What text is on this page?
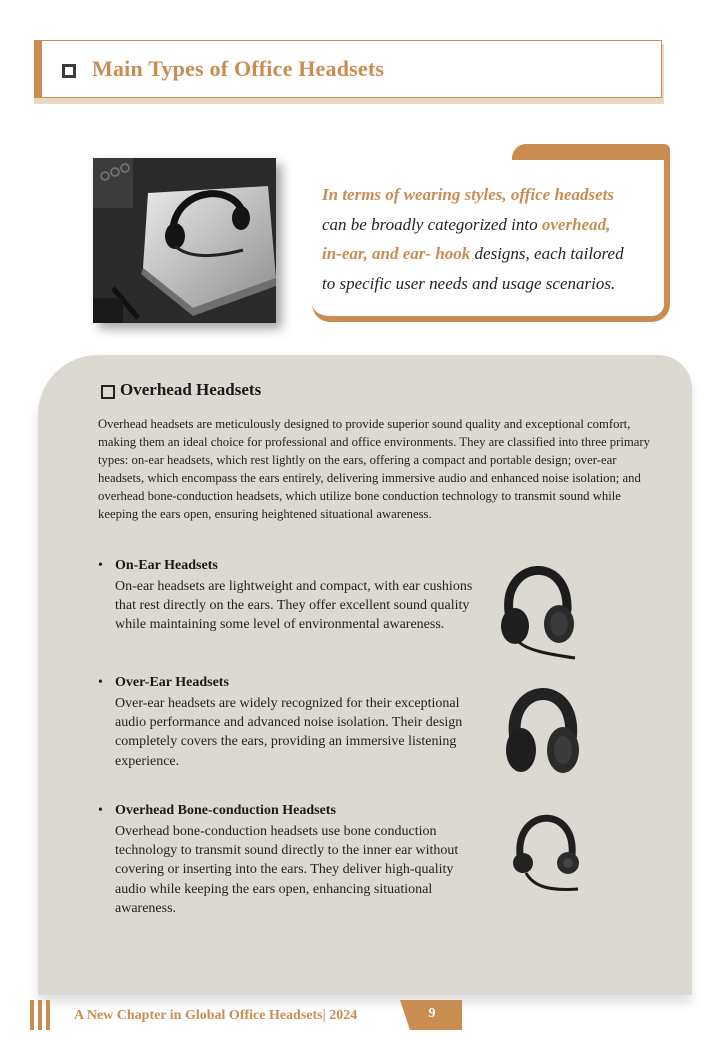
Main Types of Office Headsets
In terms of wearing styles, office headsets
can be broadly categorized into overhead,
in-ear, and ear- hook designs, each tailored
to specific user needs and usage scenarios.
Overhead Headsets
Overhead headsets are meticulously designed to provide superior sound quality and exceptional comfort, making them an ideal choice for professional and office environments. They are classified into three primary types: on-ear headsets, which rest lightly on the ears, offering a compact and portable design; over-ear headsets, which encompass the ears entirely, delivering immersive audio and enhanced noise isolation; and overhead bone-conduction headsets, which utilize bone conduction technology to transmit sound while keeping the ears open, ensuring heightened situational awareness.
• On-Ear Headsets
On-ear headsets are lightweight and compact, with ear cushions that rest directly on the ears. They offer excellent sound quality while maintaining some level of environmental awareness.
• Over-Ear Headsets
Over-ear headsets are widely recognized for their exceptional audio performance and advanced noise isolation. Their design completely covers the ears, providing an immersive listening experience.
• Overhead Bone-conduction Headsets
Overhead bone-conduction headsets use bone conduction technology to transmit sound directly to the inner ear without covering or inserting into the ears. They deliver high-quality audio while keeping the ears open, enhancing situational awareness.
A New Chapter in Global Office Headsets| 2024	9
